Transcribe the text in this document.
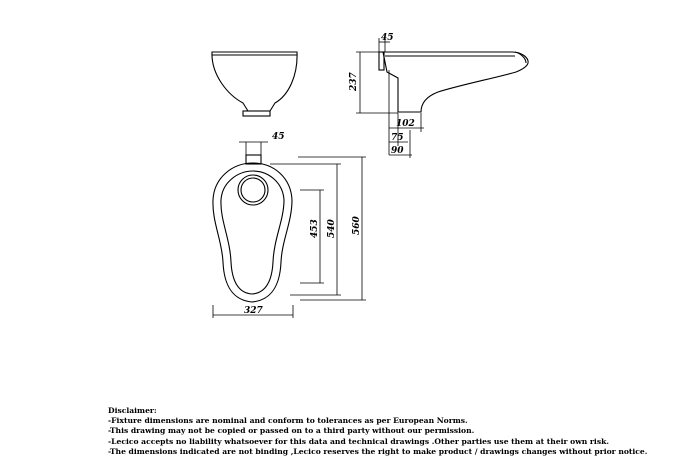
45
327
453 540 560
45
237
102
75
90
Disclaimer:
-Fixture dimensions are nominal and conform to tolerances as per European Norms.
-This drawing may not be copied or passed on to a third party without our permission.
-Lecico accepts no liability whatsoever for this data and technical drawings .Other parties use them at their own risk.
-The dimensions indicated are not binding ,Lecico reserves the right to make product / drawings changes without prior notice.
